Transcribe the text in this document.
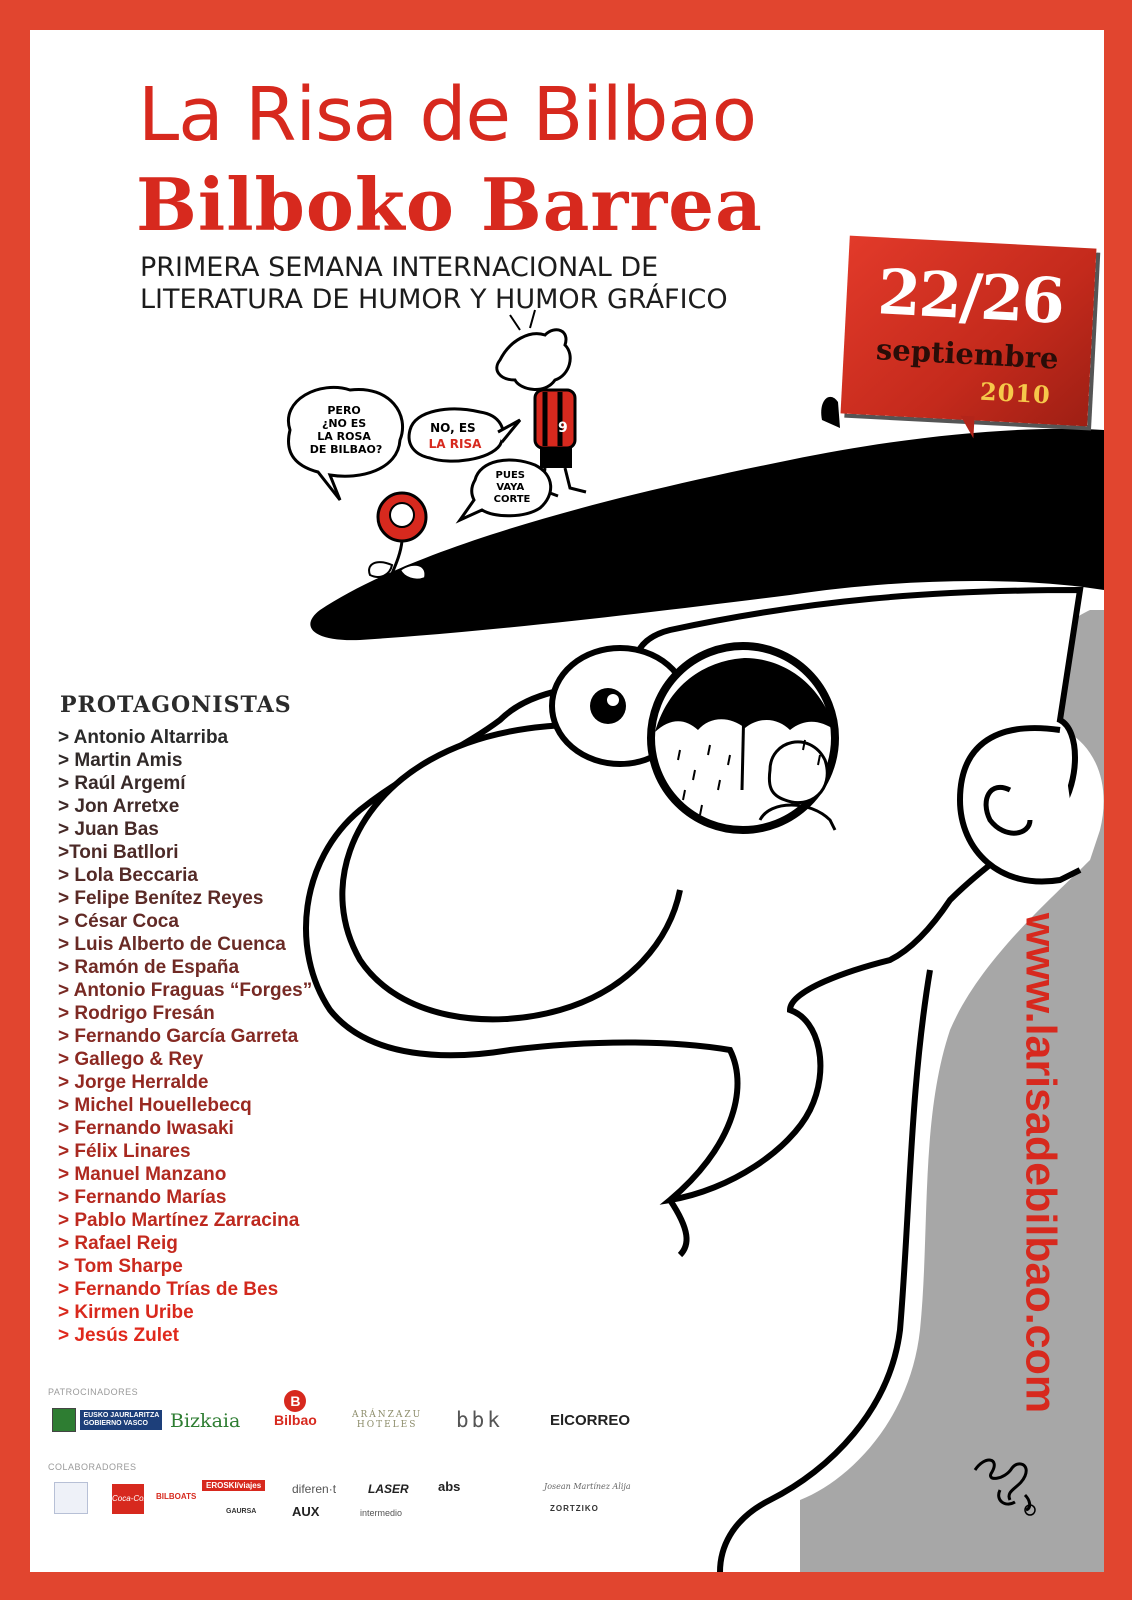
PERO ¿NO ES LA ROSA DE BILBAO?
NO, ES LA RISA
PUES VAYA CORTE
9
La Risa de Bilbao
Bilboko Barrea
PRIMERA SEMANA INTERNACIONAL DE
LITERATURA DE HUMOR Y HUMOR GRÁFICO	22/26
septiembre
2010
PROTAGONISTAS
> Antonio Altarriba
> Martin Amis
> Raúl Argemí
> Jon Arretxe
> Juan Bas
>Toni Batllori
> Lola Beccaria
> Felipe Benítez Reyes
> César Coca
> Luis Alberto de Cuenca
> Ramón de España
> Antonio Fraguas “Forges”
> Rodrigo Fresán
> Fernando García Garreta
> Gallego & Rey
> Jorge Herralde
> Michel Houellebecq
> Fernando Iwasaki
> Félix Linares
> Manuel Manzano
> Fernando Marías
> Pablo Martínez Zarracina
> Rafael Reig
> Tom Sharpe
> Fernando Trías de Bes
> Kirmen Uribe
> Jesús Zulet	www.larisadebilbao.com
PATROCINADORES
COLABORADORES
EUSKO JAURLARITZA
GOBIERNO VASCO	Bizkaia
B
Bilbao	ARÁNZAZU
HOTELES bbk	ElCORREO
Coca-Cola BILBOATS
EROSKI/viajes	diferen·t	LASER abs	Josean Martínez Alija
GAURSA	AUX	intermedio	ZORTZIKO
